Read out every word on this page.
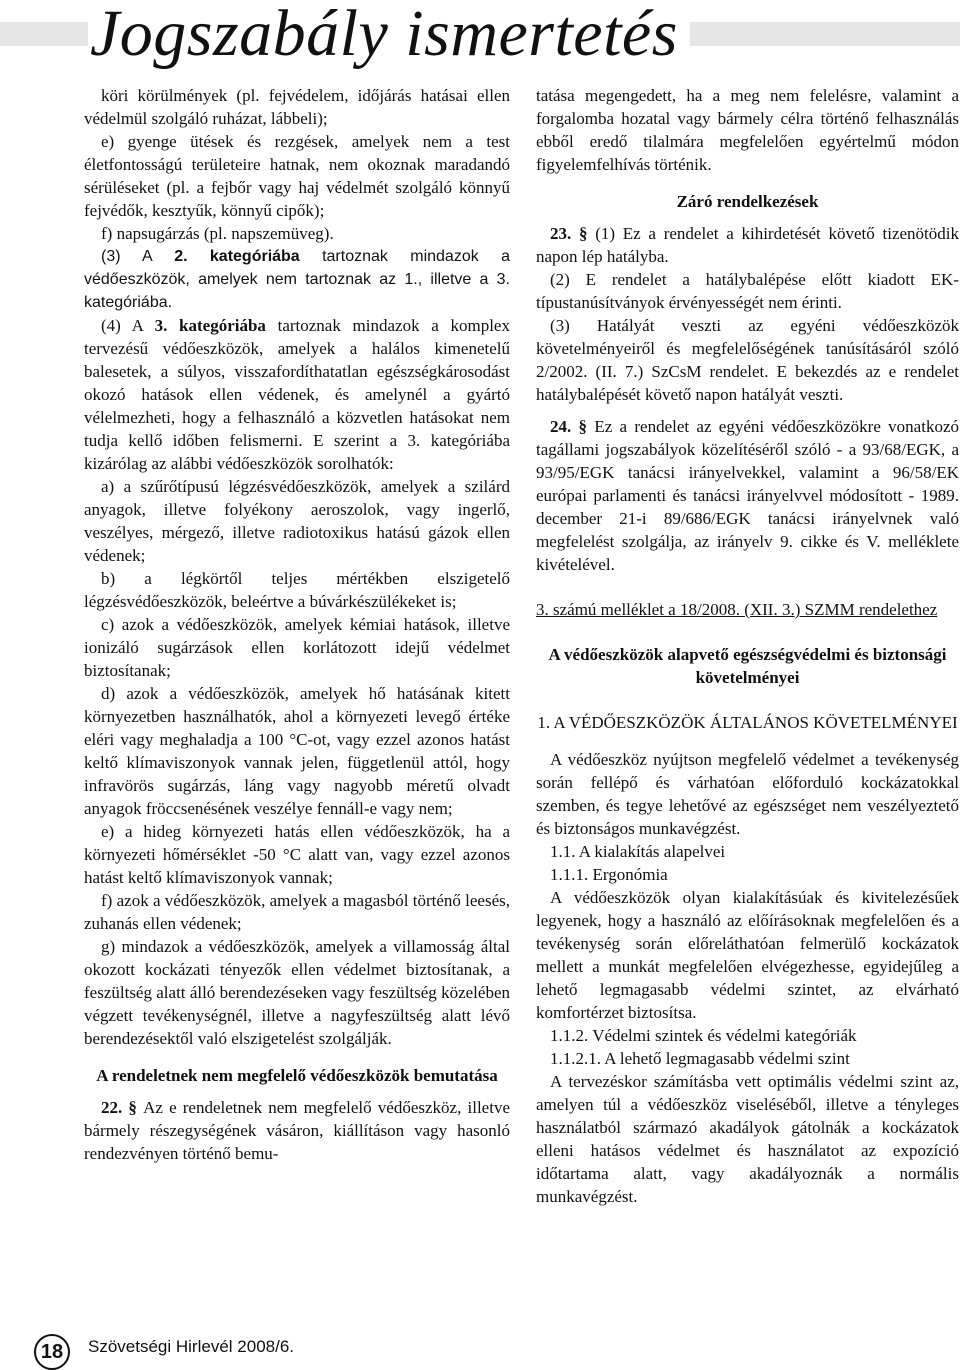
Jogszabály ismertetés

köri körülmények (pl. fejvédelem, időjárás hatásai ellen védelmül szolgáló ruházat, lábbeli);

e) gyenge ütések és rezgések, amelyek nem a test életfontosságú területeire hatnak, nem okoznak maradandó sérüléseket (pl. a fejbőr vagy haj védelmét szolgáló könnyű fejvédők, kesztyűk, könnyű cipők);

f) napsugárzás (pl. napszemüveg).

(3) A 2. kategóriába tartoznak mindazok a védőeszközök, amelyek nem tartoznak az 1., illetve a 3. kategóriába.

(4) A 3. kategóriába tartoznak mindazok a komplex tervezésű védőeszközök, amelyek a halálos kimenetelű balesetek, a súlyos, visszafordíthatatlan egészségkárosodást okozó hatások ellen védenek, és amelynél a gyártó vélelmezheti, hogy a felhasználó a közvetlen hatásokat nem tudja kellő időben felismerni. E szerint a 3. kategóriába kizárólag az alábbi védőeszközök sorolhatók:

a) a szűrőtípusú légzésvédőeszközök, amelyek a szilárd anyagok, illetve folyékony aeroszolok, vagy ingerlő, veszélyes, mérgező, illetve radiotoxikus hatású gázok ellen védenek;

b) a légkörtől teljes mértékben elszigetelő légzésvédőeszközök, beleértve a búvárkészülékeket is;

c) azok a védőeszközök, amelyek kémiai hatások, illetve ionizáló sugárzások ellen korlátozott idejű védelmet biztosítanak;

d) azok a védőeszközök, amelyek hő hatásának kitett környezetben használhatók, ahol a környezeti levegő értéke eléri vagy meghaladja a 100 °C-ot, vagy ezzel azonos hatást keltő klímaviszonyok vannak jelen, függetlenül attól, hogy infravörös sugárzás, láng vagy nagyobb méretű olvadt anyagok fröccsenésének veszélye fennáll-e vagy nem;

e) a hideg környezeti hatás ellen védőeszközök, ha a környezeti hőmérséklet -50 °C alatt van, vagy ezzel azonos hatást keltő klímaviszonyok vannak;

f) azok a védőeszközök, amelyek a magasból történő leesés, zuhanás ellen védenek;

g) mindazok a védőeszközök, amelyek a villamosság által okozott kockázati tényezők ellen védelmet biztosítanak, a feszültség alatt álló berendezéseken vagy feszültség közelében végzett tevékenységnél, illetve a nagyfeszültség alatt lévő berendezésektől való elszigetelést szolgálják.

A rendeletnek nem megfelelő védőeszközök bemutatása

22. § Az e rendeletnek nem megfelelő védőeszköz, illetve bármely részegységének vásáron, kiállításon vagy hasonló rendezvényen történő bemu-

tatása megengedett, ha a meg nem felelésre, valamint a forgalomba hozatal vagy bármely célra történő felhasználás ebből eredő tilalmára megfelelően egyértelmű módon figyelemfelhívás történik.

Záró rendelkezések

23. § (1) Ez a rendelet a kihirdetését követő tizenötödik napon lép hatályba.

(2) E rendelet a hatálybalépése előtt kiadott EK-típustanúsítványok érvényességét nem érinti.

(3) Hatályát veszti az egyéni védőeszközök követelményeiről és megfelelőségének tanúsításáról szóló 2/2002. (II. 7.) SzCsM rendelet. E bekezdés az e rendelet hatálybalépését követő napon hatályát veszti.

24. § Ez a rendelet az egyéni védőeszközökre vonatkozó tagállami jogszabályok közelítéséről szóló - a 93/68/EGK, a 93/95/EGK tanácsi irányelvekkel, valamint a 96/58/EK európai parlamenti és tanácsi irányelvvel módosított - 1989. december 21-i 89/686/EGK tanácsi irányelvnek való megfelelést szolgálja, az irányelv 9. cikke és V. melléklete kivételével.

3. számú melléklet a 18/2008. (XII. 3.) SZMM rendelethez

A védőeszközök alapvető egészségvédelmi és biztonsági követelményei

1. A VÉDŐESZKÖZÖK ÁLTALÁNOS KÖVETELMÉNYEI

A védőeszköz nyújtson megfelelő védelmet a tevékenység során fellépő és várhatóan előforduló kockázatokkal szemben, és tegye lehetővé az egészséget nem veszélyeztető és biztonságos munkavégzést.

1.1. A kialakítás alapelvei

1.1.1. Ergonómia

A védőeszközök olyan kialakításúak és kivitelezésűek legyenek, hogy a használó az előírásoknak megfelelően és a tevékenység során előreláthatóan felmerülő kockázatok mellett a munkát megfelelően elvégezhesse, egyidejűleg a lehető legmagasabb védelmi szintet, az elvárható komfortérzet biztosítsa.

1.1.2. Védelmi szintek és védelmi kategóriák

1.1.2.1. A lehető legmagasabb védelmi szint

A tervezéskor számításba vett optimális védelmi szint az, amelyen túl a védőeszköz viseléséből, illetve a tényleges használatból származó akadályok gátolnák a kockázatok elleni hatásos védelmet és használatot az expozíció időtartama alatt, vagy akadályoznák a normális munkavégzést.

18	Szövetségi Hirlevél 2008/6.
